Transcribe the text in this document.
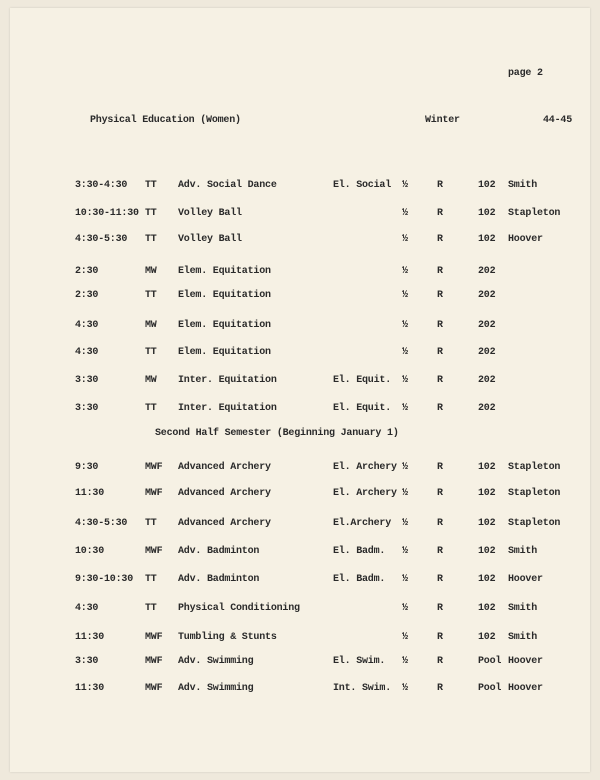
page 2
Physical Education (Women)	Winter	44-45
Second Half Semester (Beginning January 1)
3:30-4:30 TT Adv. Social Dance	El. Social ½	R	102 Smith
10:30-11:30 TT Volley Ball	½	R	102 Stapleton
4:30-5:30 TT Volley Ball	½	R	102 Hoover
2:30	MW Elem. Equitation	½	R	202
2:30	TT Elem. Equitation	½	R	202
4:30	MW Elem. Equitation	½	R	202
4:30	TT Elem. Equitation	½	R	202
3:30	MW Inter. Equitation	El. Equit. ½	R	202
3:30	TT Inter. Equitation	El. Equit. ½	R	202
9:30	MWF Advanced Archery	El. Archery ½	R	102 Stapleton
11:30	MWF Advanced Archery	El. Archery ½	R	102 Stapleton
4:30-5:30 TT Advanced Archery	El.Archery ½	R	102 Stapleton
10:30	MWF Adv. Badminton	El. Badm. ½	R	102 Smith
9:30-10:30 TT Adv. Badminton	El. Badm. ½	R	102 Hoover
4:30	TT Physical Conditioning	½	R	102 Smith
11:30	MWF Tumbling & Stunts	½	R	102 Smith
3:30	MWF Adv. Swimming	El. Swim. ½	R	Pool Hoover
11:30	MWF Adv. Swimming	Int. Swim. ½	R	Pool Hoover
